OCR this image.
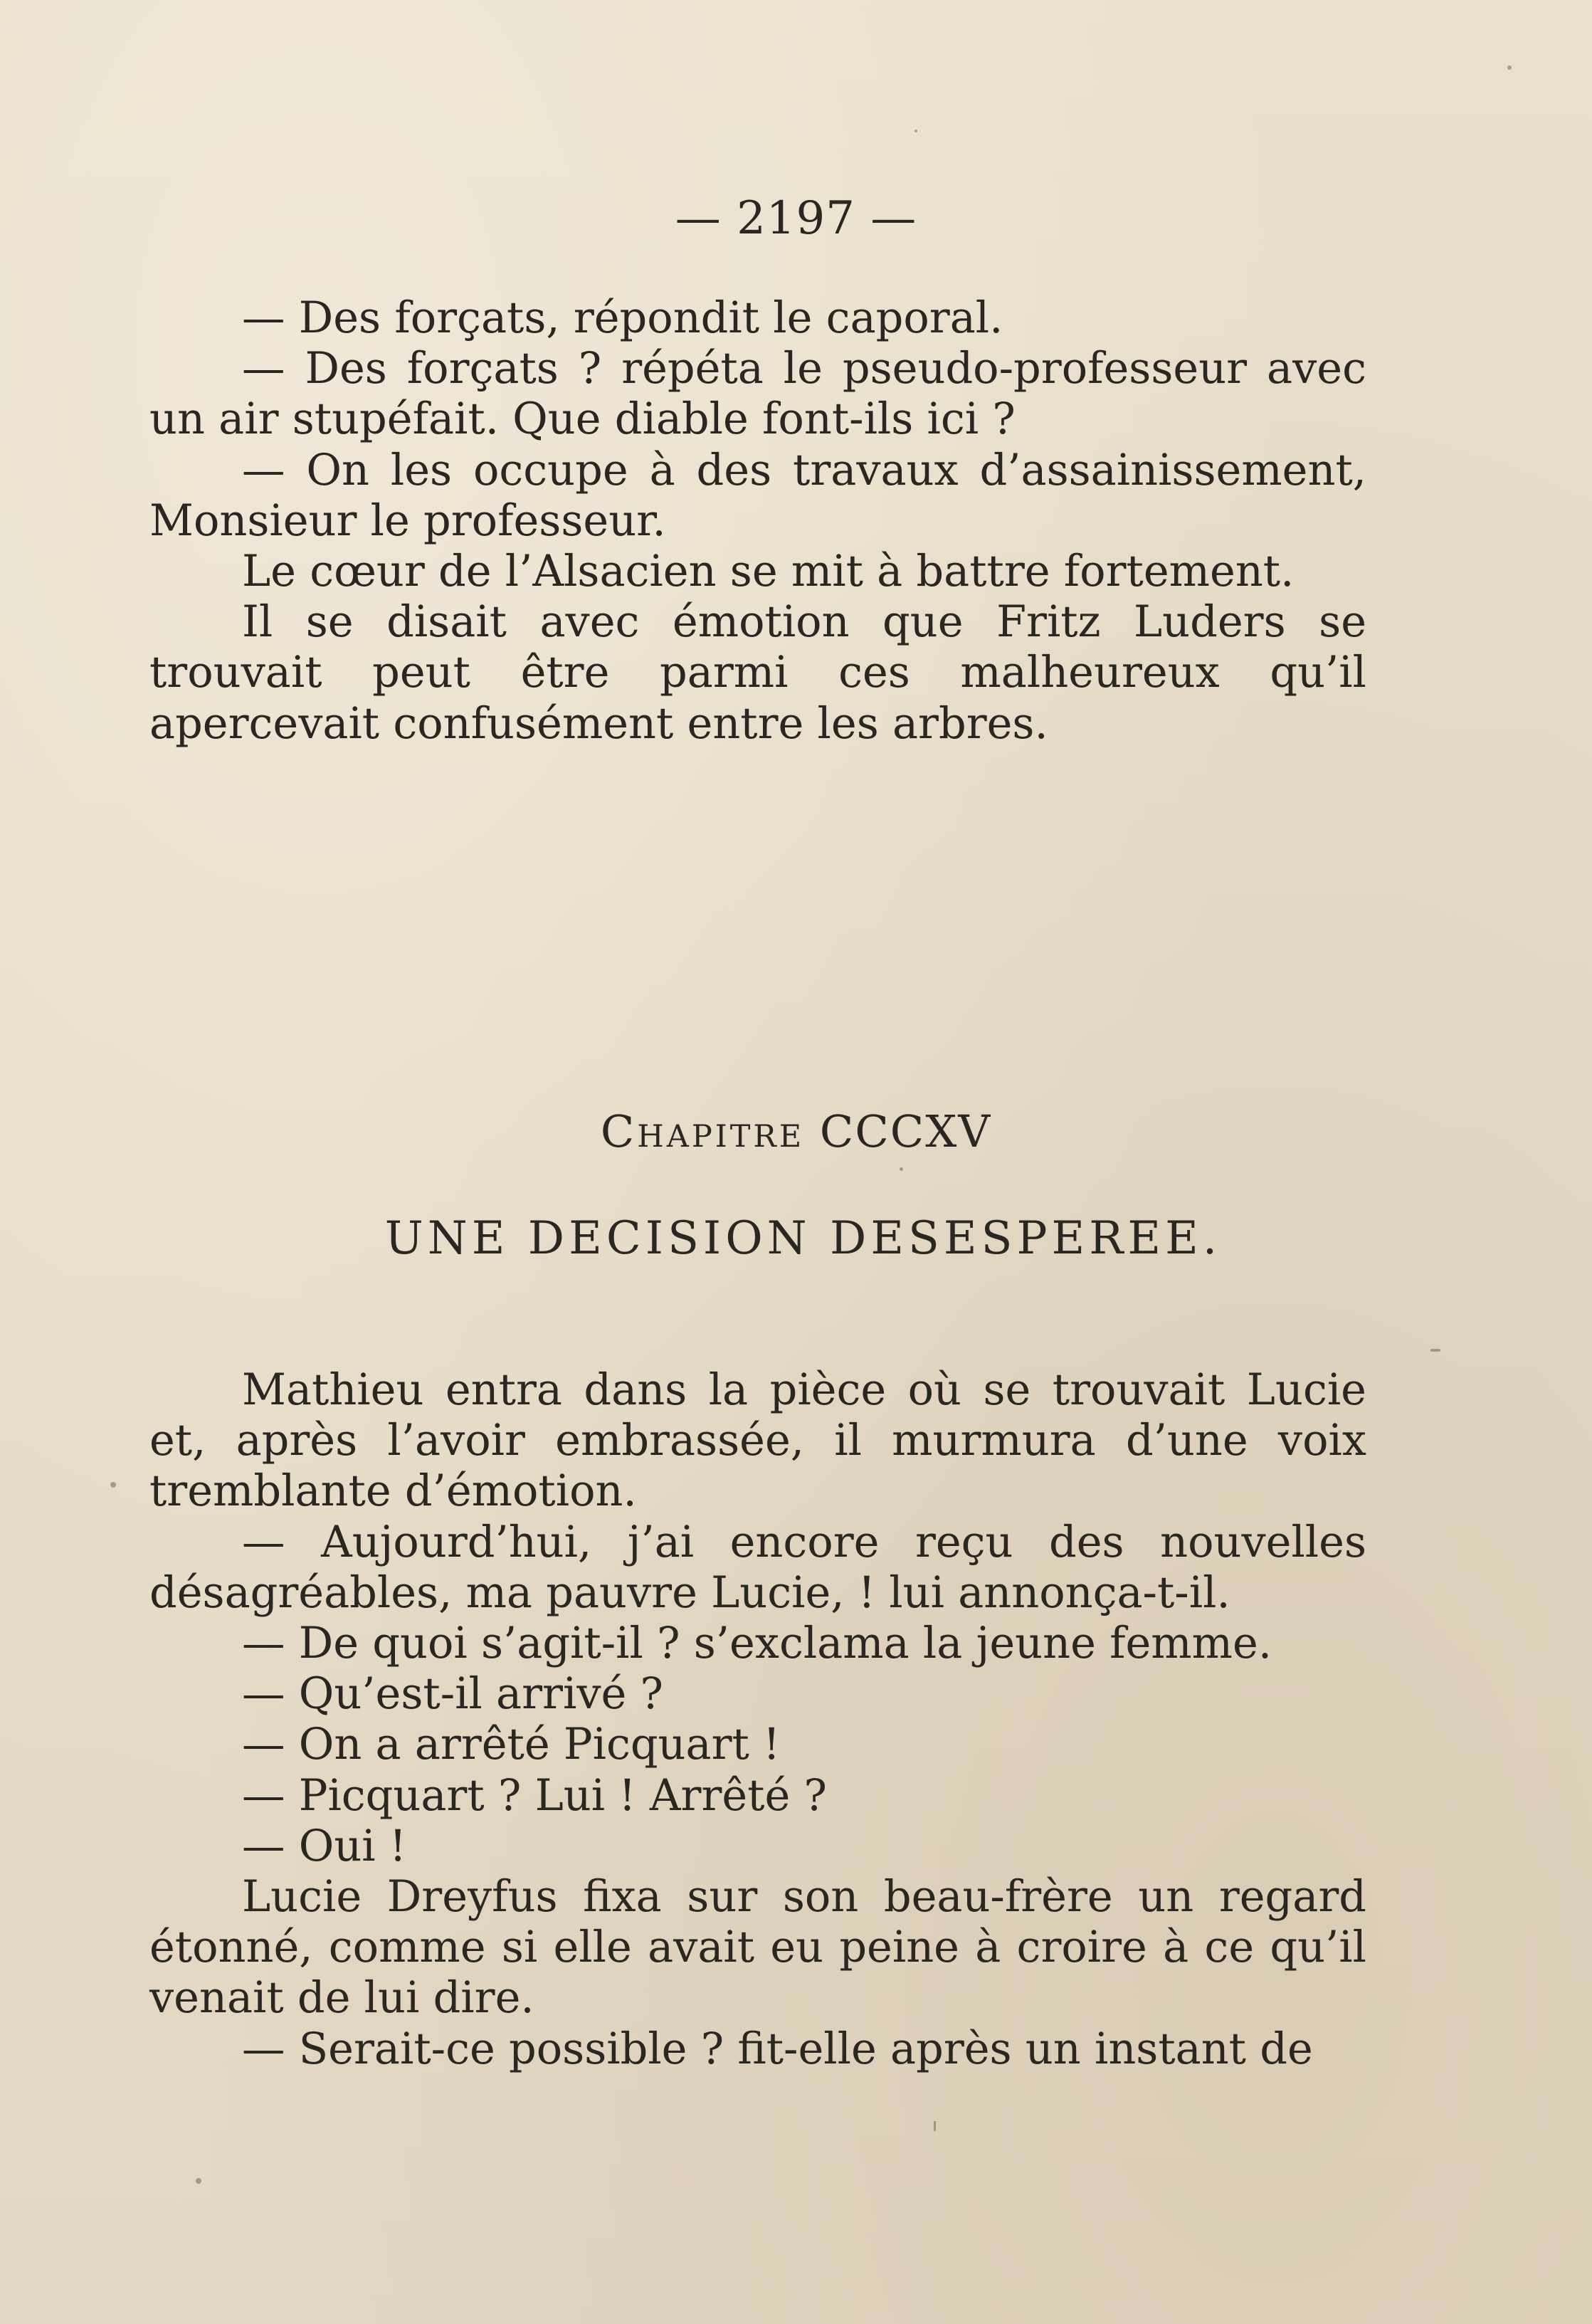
— 2197 —

— Des forçats, répondit le caporal.

— Des forçats ? répéta le pseudo-professeur avec un air stupéfait. Que diable font-ils ici ?

— On les occupe à des travaux d’assainissement, Monsieur le professeur.

Le cœur de l’Alsacien se mit à battre fortement.

Il se disait avec émotion que Fritz Luders se trouvait peut être parmi ces malheureux qu’il apercevait confusément entre les arbres.

Chapitre CCCXV
UNE DECISION DESESPEREE.

Mathieu entra dans la pièce où se trouvait Lucie et, après l’avoir embrassée, il murmura d’une voix tremblante d’émotion.

— Aujourd’hui, j’ai encore reçu des nouvelles désagréables, ma pauvre Lucie, ! lui annonça-t-il.

— De quoi s’agit-il ? s’exclama la jeune femme.

— Qu’est-il arrivé ?

— On a arrêté Picquart !

— Picquart ? Lui ! Arrêté ?

— Oui !

Lucie Dreyfus fixa sur son beau-frère un regard étonné, comme si elle avait eu peine à croire à ce qu’il venait de lui dire.

— Serait-ce possible ? fit-elle après un instant de
